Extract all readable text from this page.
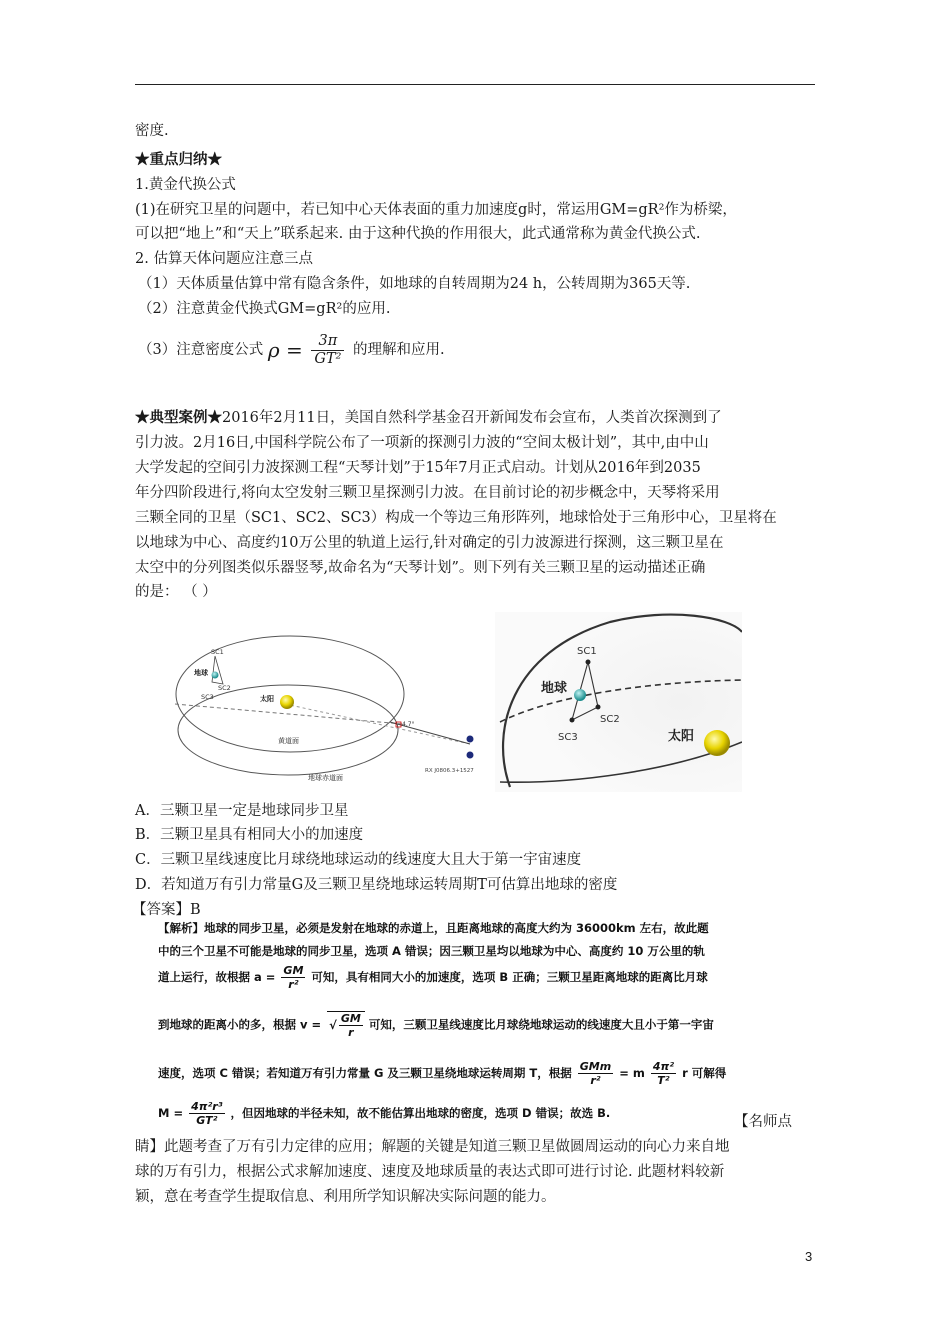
密度.
★重点归纳★
1.黄金代换公式
(1)在研究卫星的问题中，若已知中心天体表面的重力加速度g时，常运用GM=gR²作为桥梁，
可以把“地上”和“天上”联系起来. 由于这种代换的作用很大，此式通常称为黄金代换公式.
2. 估算天体问题应注意三点
（1）天体质量估算中常有隐含条件，如地球的自转周期为24 h，公转周期为365天等.
（2）注意黄金代换式GM=gR²的应用.
（3）注意密度公式 $\rho = \frac{3\pi}{\text{GT²}}$ 的理解和应用.
★典型案例★2016年2月11日，美国自然科学基金召开新闻发布会宣布，人类首次探测到了
引力波。2月16日,中国科学院公布了一项新的探测引力波的“空间太极计划”，其中,由中山
大学发起的空间引力波探测工程“天琴计划”于15年7月正式启动。计划从2016年到2035
年分四阶段进行,将向太空发射三颗卫星探测引力波。在目前讨论的初步概念中，天琴将采用
三颗全同的卫星（SC1、SC2、SC3）构成一个等边三角形阵列，地球恰处于三角形中心，卫星将在
以地球为中心、高度约10万公里的轨道上运行,针对确定的引力波源进行探测，这三颗卫星在
太空中的分列图类似乐器竖琴,故命名为“天琴计划”。则下列有关三颗卫星的运动描述正确
的是： （ ）
SC1
SC2
SC3
地球
太阳
黄道面
地球赤道面
4.7°
RX J0806.3+1527
SC1
SC2
SC3
地球
太阳
A．三颗卫星一定是地球同步卫星
B．三颗卫星具有相同大小的加速度
C．三颗卫星线速度比月球绕地球运动的线速度大且大于第一宇宙速度
D．若知道万有引力常量G及三颗卫星绕地球运转周期T可估算出地球的密度
【答案】B
【解析】地球的同步卫星，必须是发射在地球的赤道上，且距离地球的高度大约为 36000km 左右，故此题
中的三个卫星不可能是地球的同步卫星，选项 A 错误；因三颗卫星均以地球为中心、高度约 10 万公里的轨
道上运行，故根据 $a = \frac{GM}{\text{r²}}$ 可知，具有相同大小的加速度，选项 B 正确；三颗卫星距离地球的距离比月球
到地球的距离小的多，根据 v = √ $\frac{GM}{r}$ 可知，三颗卫星线速度比月球绕地球运动的线速度大且小于第一宇宙
速度，选项 C 错误；若知道万有引力常量 G 及三颗卫星绕地球运转周期 T，根据 GMm
r²
= m $\frac{\text{4π²}}{\text{T²}}$ r 可解得
$M = \frac{\text{4π²r³}}{\text{GT²}}$ ，但因地球的半径未知，故不能估算出地球的密度，选项 D 错误；故选 B.
【名师点
睛】此题考查了万有引力定律的应用；解题的关键是知道三颗卫星做圆周运动的向心力来自地
球的万有引力，根据公式求解加速度、速度及地球质量的表达式即可进行讨论. 此题材料较新
颖，意在考查学生提取信息、利用所学知识解决实际问题的能力。
3
